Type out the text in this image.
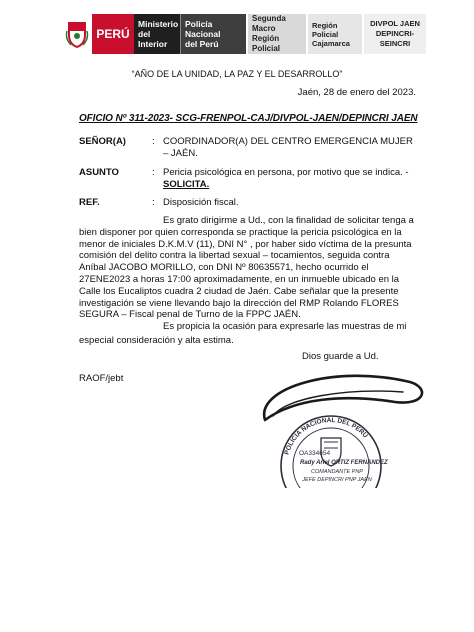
PERÚ
Ministerio
del Interior
Policía Nacional
del Perú
Segunda Macro
Región Policial
Región
Policial
Cajamarca
DIVPOL JAEN
DEPINCRI-SEINCRI
“AÑO DE LA UNIDAD, LA PAZ Y EL DESARROLLO”
Jaén, 28 de enero del 2023.
OFICIO Nº 311-2023- SCG-FRENPOL-CAJ/DIVPOL-JAEN/DEPINCRI JAEN
SEÑOR(A)	: COORDINADOR(A) DEL CENTRO EMERGENCIA MUJER
– JAÉN.
ASUNTO	: Pericia psicológica en persona, por motivo que se indica. -
SOLICITA.
REF.	: Disposición fiscal.
Es grato dirigirme a Ud., con la finalidad de solicitar tenga a
bien disponer por quien corresponda se practique la pericia psicológica en la
menor de iniciales D.K.M.V (11), DNI N° , por haber sido víctima de la presunta
comisión del delito contra la libertad sexual – tocamientos, seguida contra
Aníbal JACOBO MORILLO, con DNI Nº 80635571, hecho ocurrido el
27ENE2023 a horas 17:00 aproximadamente, en un inmueble ubicado en la
Calle los Eucaliptos cuadra 2 ciudad de Jaén. Cabe señalar que la presente
investigación se viene llevando bajo la dirección del RMP Rolando FLORES
SEGURA – Fiscal penal de Turno de la FPPC JAÉN.
Es propicia la ocasión para expresarle las muestras de mi
especial consideración y alta estima.
Dios guarde a Ud.
RAOF/jebt
POLICÍA NACIONAL DEL PERÚ
OA334654
Rady Ariel ORTIZ FERNANDEZ
COMANDANTE PNP
JEFE DEPINCRI PNP JAEN
